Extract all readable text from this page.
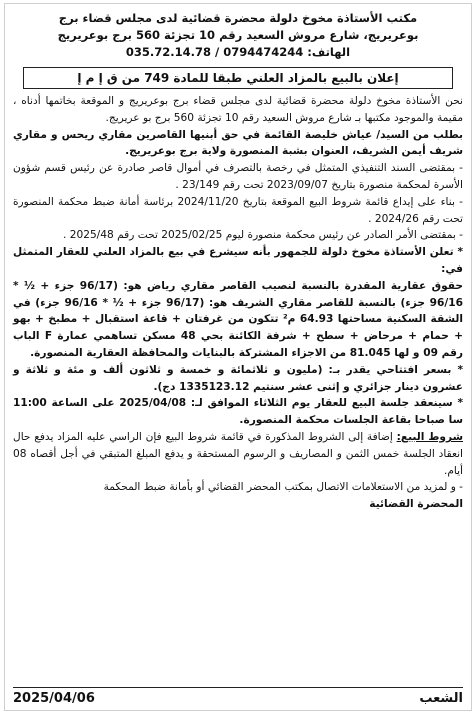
مكتب الأستاذة مخوخ دلولة محضرة قضائية لدى مجلس قضاء برج
بوعريريج، شارع مروش السعيد رقم 10 تجزئة 560 برج بوعريريج
الهاتف: 035.72.14.78 / 0794474244
إعلان بالبيع بالمزاد العلني طبقا للمادة 749 من ق إ م إ

نحن الأستاذة مخوخ دلولة محضرة قضائية لدى مجلس قضاء برج بوعريريج و الموقعة بخاتمها أدناه ، مقيمة والموجود مكتبها بـ شارع مروش السعيد رقم 10 تجزئة 560 برج بو عريريج.

بطلب من السيد/ عياش خليصة القائمة في حق أبنيها القاصرين مقاري ريحس و مقاري شريف أيمن الشريف، العنوان بشبة المنصورة ولاية برج بوعريريج.

- بمقتضى السند التنفيذي المتمثل في رخصة بالتصرف في أموال قاصر صادرة عن رئيس قسم شؤون الأسرة لمحكمة منصورة بتاريخ 2023/09/07 تحت رقم 23/149 .

- بناء على إيداع قائمة شروط البيع الموقعة بتاريخ 2024/11/20 برئاسة أمانة ضبط محكمة المنصورة تحت رقم 2024/26 .

- بمقتضى الأمر الصادر عن رئيس محكمة منصورة ليوم 2025/02/25 تحت رقم 2025/48 .

* تعلن الأستاذة مخوخ دلولة للجمهور بأنه سيشرع في بيع بالمزاد العلني للعقار المتمثل في:

حقوق عقارية المقدرة بالنسبة لنصيب القاصر مقاري رياض هو: (96/17 جزء + ½ * 96/16 جزء) بالنسبة للقاصر مقاري الشريف هو: (96/17 جزء + ½ * 96/16 جزء) في الشقة السكنية مساحتها 64.93 م² تتكون من غرفتان + قاعة استقبال + مطبخ + بهو + حمام + مرحاض + سطح + شرفة الكائنة بحي 48 مسكن تساهمي عمارة F الباب رقم 09 و لها 81.045 من الاجزاء المشتركة بالبنايات والمحافظة العقارية المنصورة.

* بسعر افتتاحي يقدر بـ: (مليون و ثلاثمائة و خمسة و ثلاثون ألف و مئة و ثلاثة و عشرون دينار جزائري و إثنى عشر سنتيم 1335123.12 دج).

* سينعقد جلسة البيع للعقار يوم الثلاثاء الموافق لـ: 2025/04/08 على الساعة 11:00 سا صباحا بقاعة الجلسات محكمة المنصورة.

شروط البيع: إضافة إلى الشروط المذكورة في قائمة شروط البيع فإن الراسي عليه المزاد يدفع حال انعقاد الجلسة خمس الثمن و المصاريف و الرسوم المستحقة و يدفع المبلغ المتبقي في أجل أقصاه 08 أيام.

- و لمزيد من الاستعلامات الاتصال بمكتب المحضر القضائي أو بأمانة ضبط المحكمة

المحضرة القضائية

الشعب
2025/04/06
